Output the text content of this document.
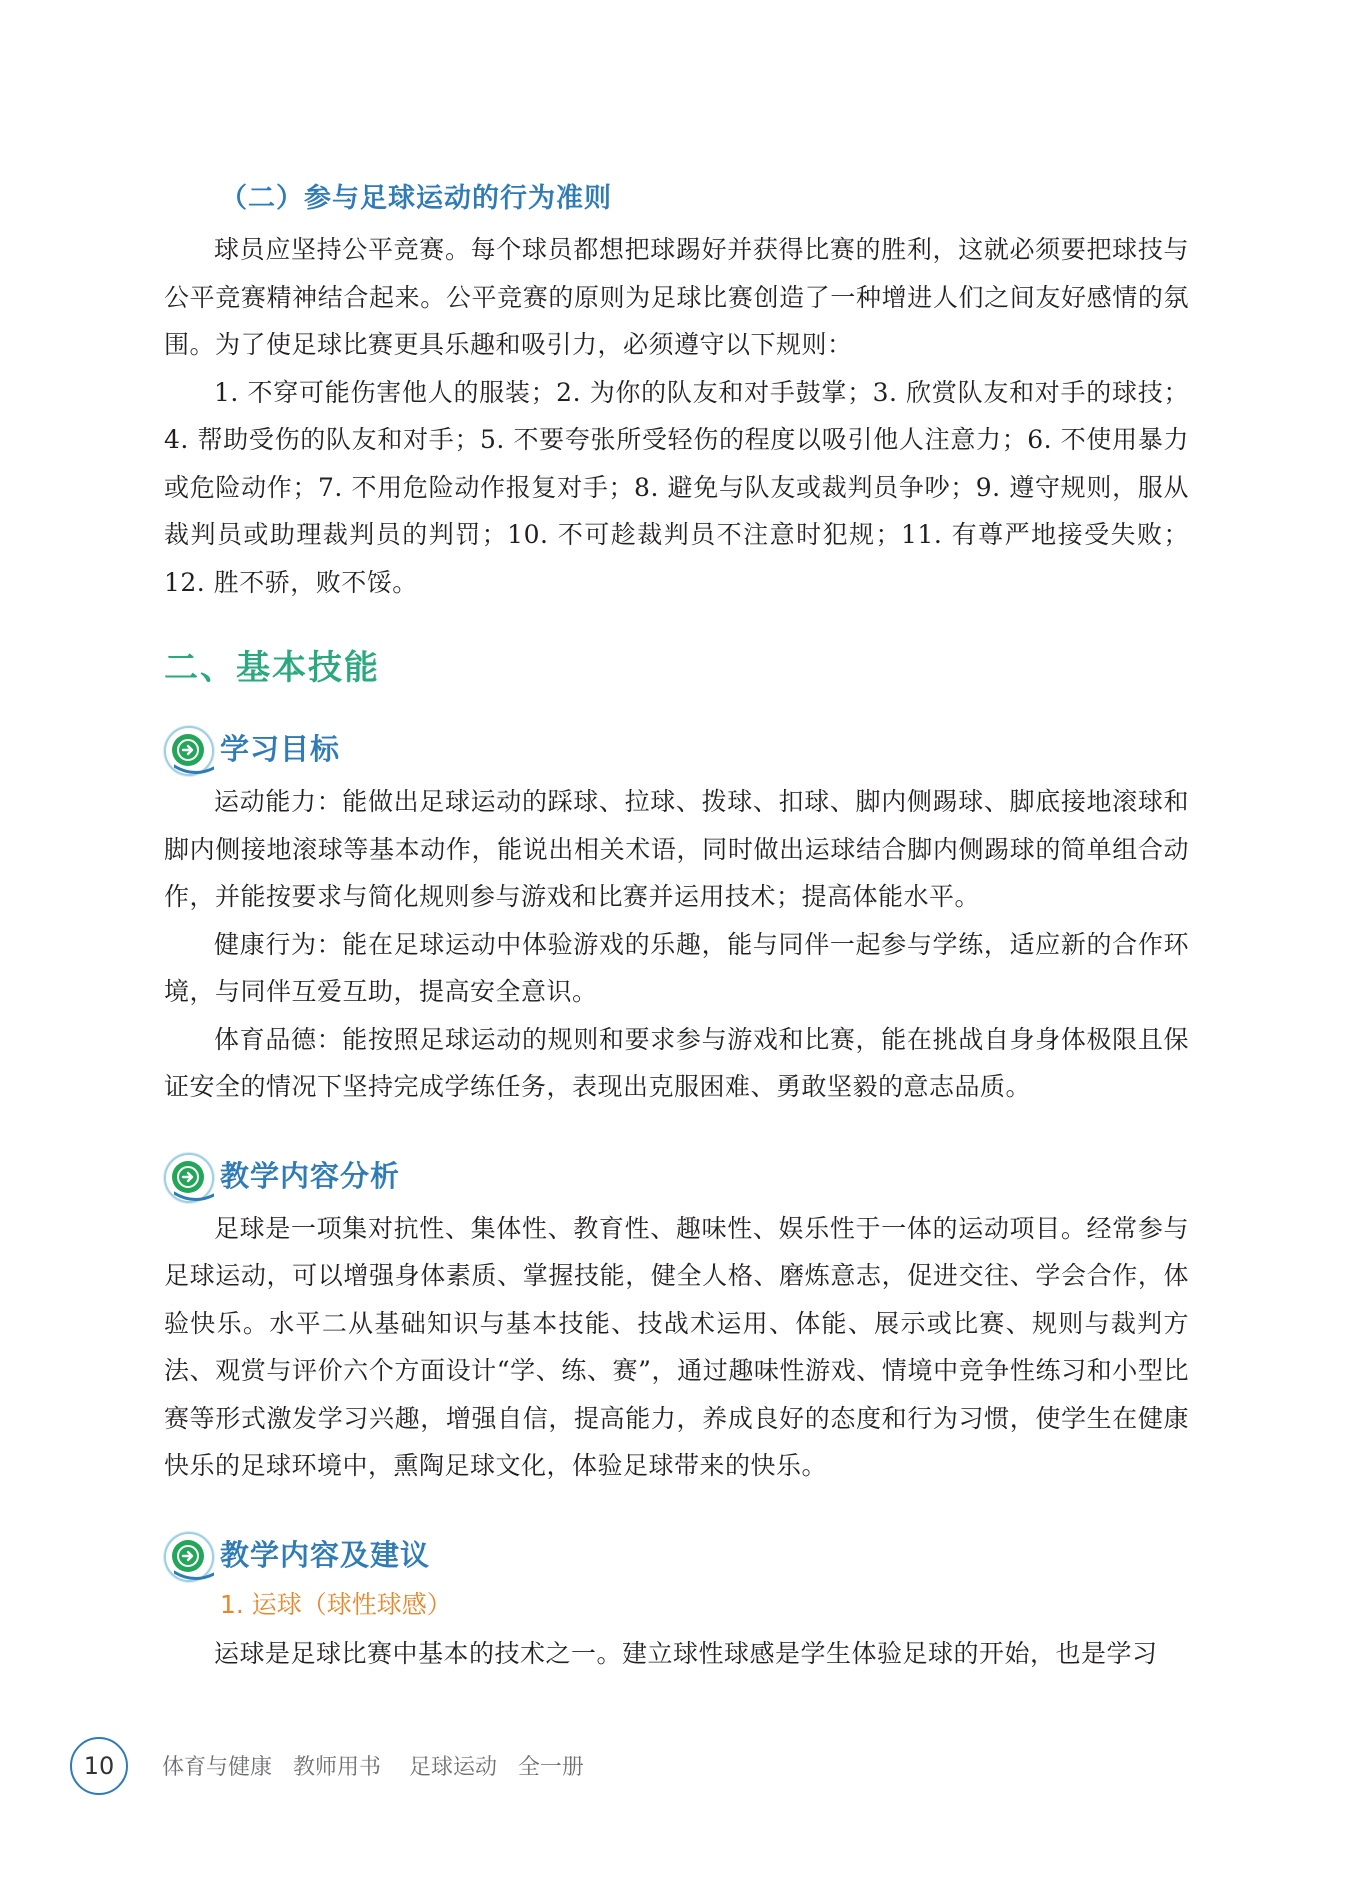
（二）参与足球运动的行为准则

球员应坚持公平竞赛。每个球员都想把球踢好并获得比赛的胜利，这就必须要把球技与公平竞赛精神结合起来。公平竞赛的原则为足球比赛创造了一种增进人们之间友好感情的氛围。为了使足球比赛更具乐趣和吸引力，必须遵守以下规则：

1. 不穿可能伤害他人的服装；2. 为你的队友和对手鼓掌；3. 欣赏队友和对手的球技；4. 帮助受伤的队友和对手；5. 不要夸张所受轻伤的程度以吸引他人注意力；6. 不使用暴力或危险动作；7. 不用危险动作报复对手；8. 避免与队友或裁判员争吵；9. 遵守规则，服从裁判员或助理裁判员的判罚；10. 不可趁裁判员不注意时犯规；11. 有尊严地接受失败；12. 胜不骄，败不馁。

二、基本技能
学习目标

运动能力：能做出足球运动的踩球、拉球、拨球、扣球、脚内侧踢球、脚底接地滚球和脚内侧接地滚球等基本动作，能说出相关术语，同时做出运球结合脚内侧踢球的简单组合动作，并能按要求与简化规则参与游戏和比赛并运用技术；提高体能水平。

健康行为：能在足球运动中体验游戏的乐趣，能与同伴一起参与学练，适应新的合作环境，与同伴互爱互助，提高安全意识。

体育品德：能按照足球运动的规则和要求参与游戏和比赛，能在挑战自身身体极限且保证安全的情况下坚持完成学练任务，表现出克服困难、勇敢坚毅的意志品质。

教学内容分析

足球是一项集对抗性、集体性、教育性、趣味性、娱乐性于一体的运动项目。经常参与足球运动，可以增强身体素质、掌握技能，健全人格、磨炼意志，促进交往、学会合作，体验快乐。水平二从基础知识与基本技能、技战术运用、体能、展示或比赛、规则与裁判方法、观赏与评价六个方面设计“学、练、赛”，通过趣味性游戏、情境中竞争性练习和小型比赛等形式激发学习兴趣，增强自信，提高能力，养成良好的态度和行为习惯，使学生在健康快乐的足球环境中，熏陶足球文化，体验足球带来的快乐。

教学内容及建议
1. 运球（球性球感）

运球是足球比赛中基本的技术之一。建立球性球感是学生体验足球的开始，也是学习

10	体育与健康   教师用书    足球运动   全一册
